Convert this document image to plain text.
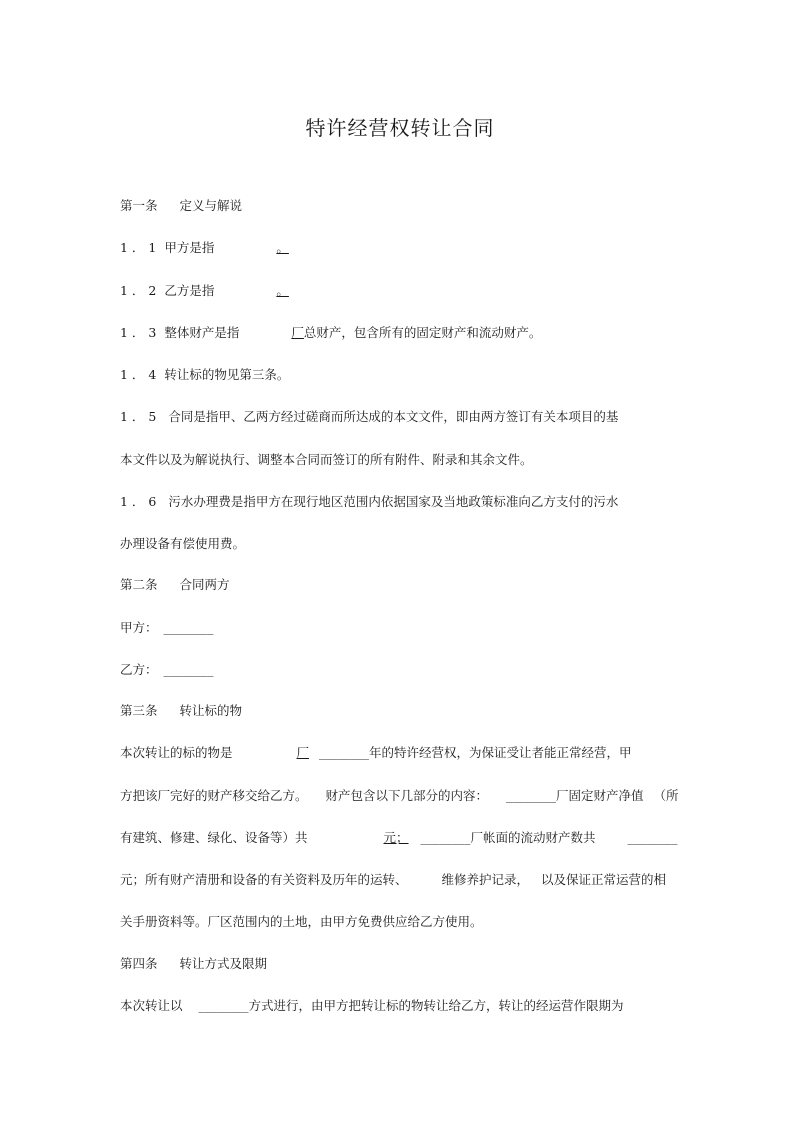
特许经营权转让合同
第一条 定义与解说
1 ． 1 甲方是指	。
1 ． 2 乙方是指	。
1 ． 3 整体财产是指	厂总财产，包含所有的固定财产和流动财产。
1 ． 4 转让标的物见第三条。
1 ． 5 合同是指甲、乙两方经过磋商而所达成的本文文件，即由两方签订有关本项目的基
本文件以及为解说执行、调整本合同而签订的所有附件、附录和其余文件。
1 ． 6 污水办理费是指甲方在现行地区范围内依据国家及当地政策标准向乙方支付的污水
办理设备有偿使用费。
第二条 合同两方
甲方： ________
乙方： ________
第三条 转让标的物
本次转让的标的物是	厂 ________年的特许经营权，为保证受让者能正常经营，甲
方把该厂完好的财产移交给乙方。 财产包含以下几部分的内容： ________厂固定财产净值 （所
有建筑、修建、绿化、设备等）共	元； ________厂帐面的流动财产数共	________
元；所有财产清册和设备的有关资料及历年的运转、	维修养护记录， 以及保证正常运营的相
关手册资料等。厂区范围内的土地，由甲方免费供应给乙方使用。
第四条 转让方式及限期
本次转让以 ________方式进行，由甲方把转让标的物转让给乙方，转让的经运营作限期为
